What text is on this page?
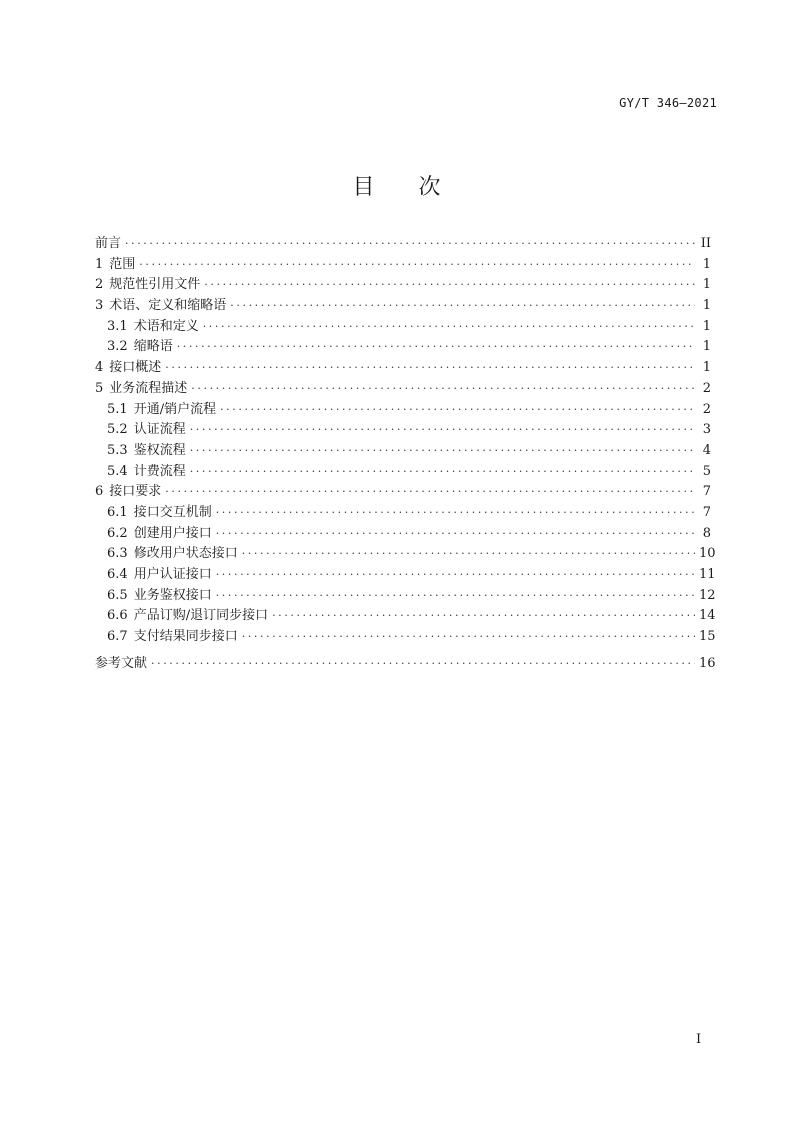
GY/T 346—2021
目次
前言 ·····	II
1 范围 ·····	1
2 规范性引用文件 ·····	1
3 术语、定义和缩略语 ·····	1
3.1 术语和定义 ·····	1
3.2 缩略语 ·····	1
4 接口概述 ·····	1
5 业务流程描述 ·····	2
5.1 开通/销户流程 ·····	2
5.2 认证流程 ·····	3
5.3 鉴权流程 ·····	4
5.4 计费流程 ·····	5
6 接口要求 ·····	7
6.1 接口交互机制 ·····	7
6.2 创建用户接口 ·····	8
6.3 修改用户状态接口 ·····	10
6.4 用户认证接口 ·····	11
6.5 业务鉴权接口 ·····	12
6.6 产品订购/退订同步接口 ·····	14
6.7 支付结果同步接口 ·····	15
参考文献 ·····	16
I
